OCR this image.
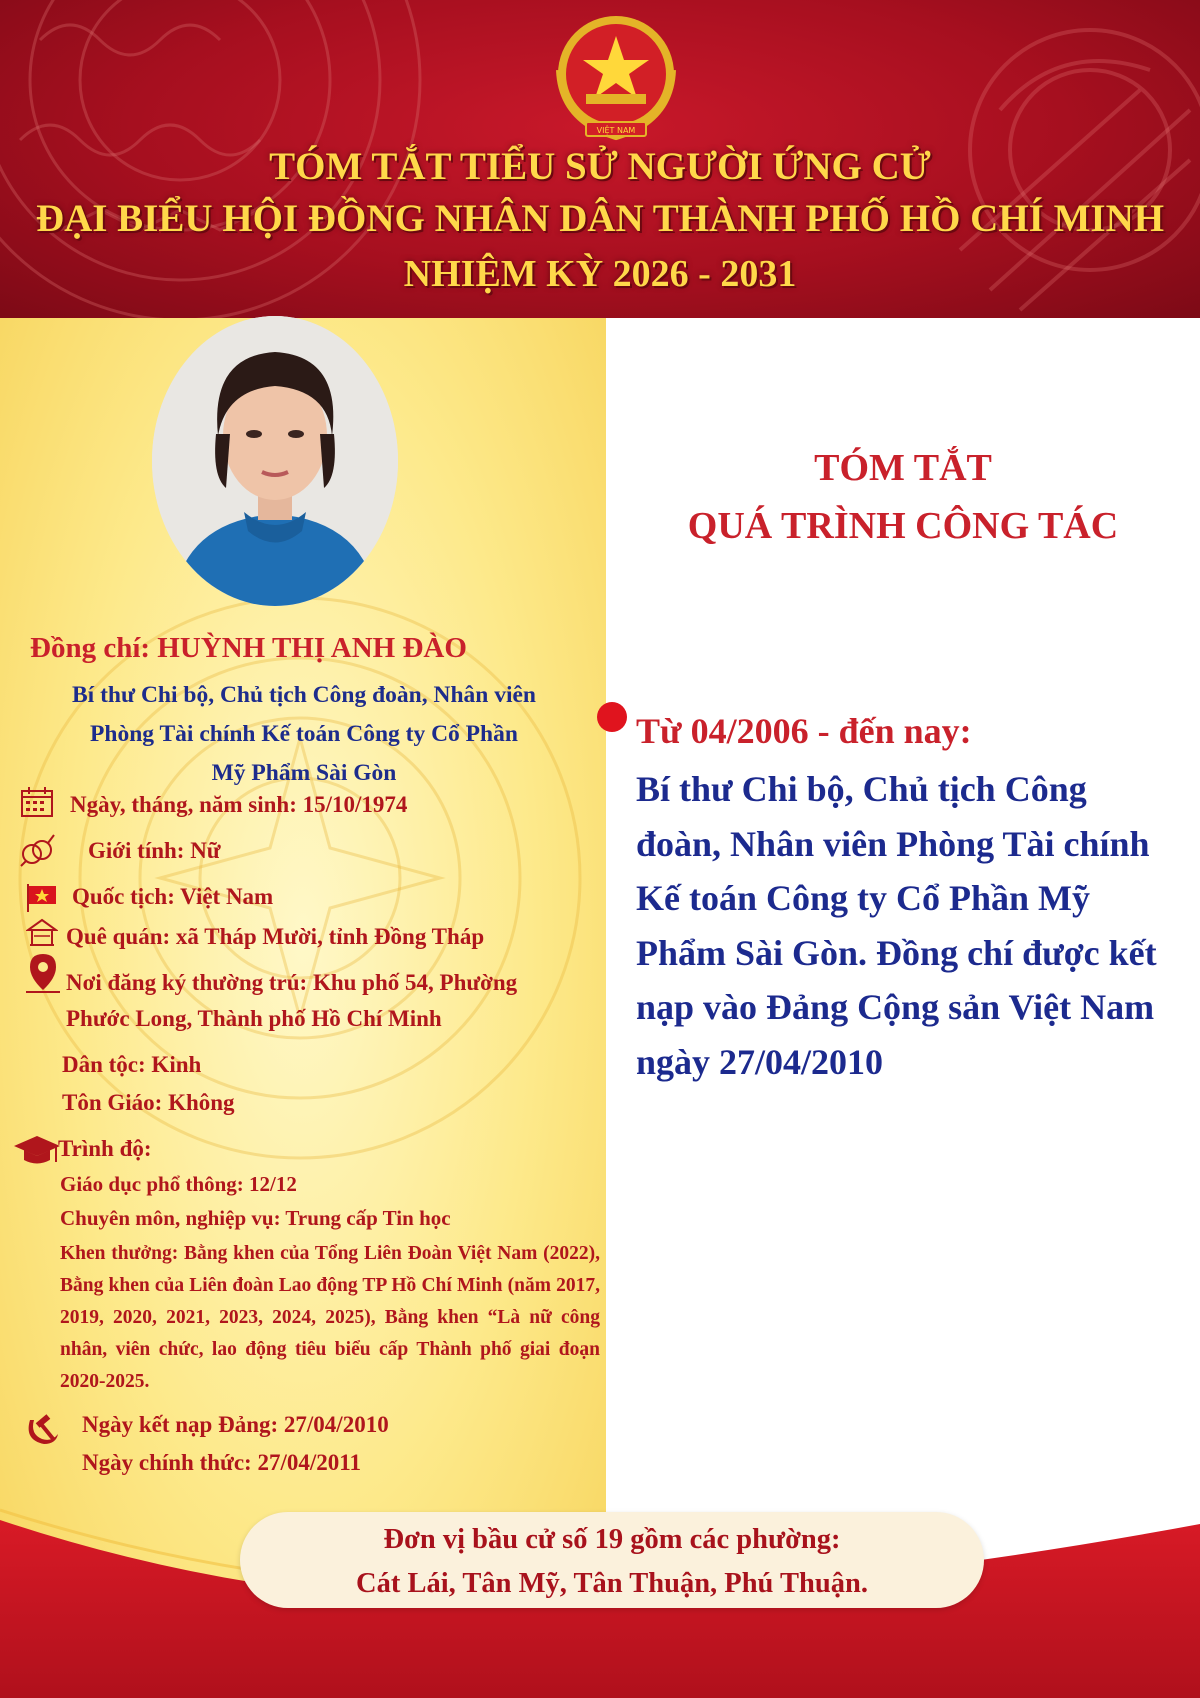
VIỆT NAM
TÓM TẮT TIỂU SỬ NGƯỜI ỨNG CỬ
ĐẠI BIỂU HỘI ĐỒNG NHÂN DÂN THÀNH PHỐ HỒ CHÍ MINH
NHIỆM KỲ 2026 - 2031
Đồng chí: HUỲNH THỊ ANH ĐÀO
Bí thư Chi bộ, Chủ tịch Công đoàn, Nhân viên
Phòng Tài chính Kế toán Công ty Cổ Phần
Mỹ Phẩm Sài Gòn
Ngày, tháng, năm sinh: 15/10/1974
Giới tính: Nữ
Quốc tịch: Việt Nam
Quê quán: xã Tháp Mười, tỉnh Đồng Tháp
Nơi đăng ký thường trú: Khu phố 54, Phường
Phước Long, Thành phố Hồ Chí Minh
Dân tộc: Kinh
Tôn Giáo: Không
Trình độ:
Giáo dục phổ thông: 12/12
Chuyên môn, nghiệp vụ: Trung cấp Tin học
Khen thưởng: Bằng khen của Tổng Liên Đoàn Việt Nam (2022), Bằng khen của Liên đoàn Lao động TP Hồ Chí Minh (năm 2017, 2019, 2020, 2021, 2023, 2024, 2025), Bằng khen “Là nữ công nhân, viên chức, lao động tiêu biểu cấp Thành phố giai đoạn 2020-2025.
Ngày kết nạp Đảng: 27/04/2010
Ngày chính thức: 27/04/2011
TÓM TẮT
QUÁ TRÌNH CÔNG TÁC
Từ 04/2006 - đến nay:
Bí thư Chi bộ, Chủ tịch Công đoàn, Nhân viên Phòng Tài chính Kế toán Công ty Cổ Phần Mỹ Phẩm Sài Gòn. Đồng chí được kết nạp vào Đảng Cộng sản Việt Nam ngày 27/04/2010
Đơn vị bầu cử số 19 gồm các phường:
Cát Lái, Tân Mỹ, Tân Thuận, Phú Thuận.
